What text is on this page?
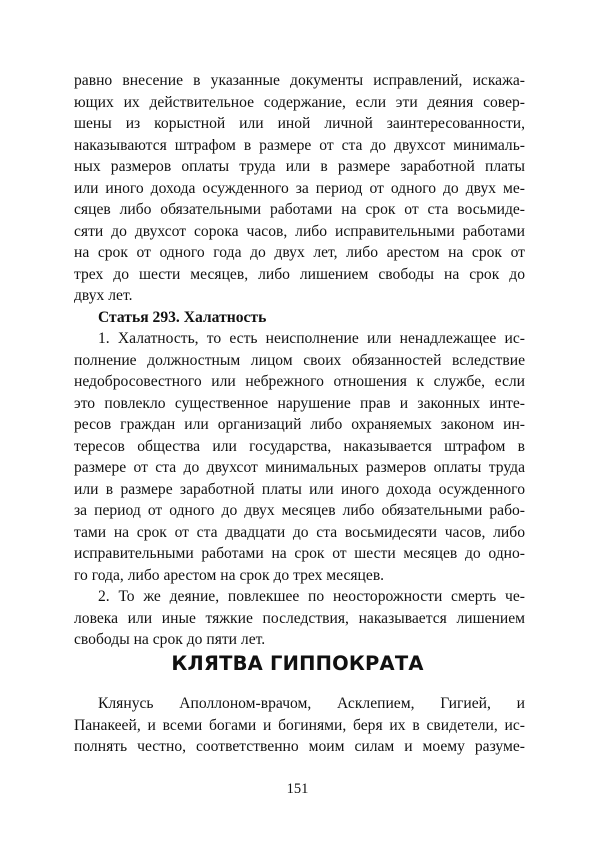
равно внесение в указанные документы исправлений, искажа-
ющих их действительное содержание, если эти деяния совер-
шены из корыстной или иной личной заинтересованности,
наказываются штрафом в размере от ста до двухсот минималь-
ных размеров оплаты труда или в размере заработной платы
или иного дохода осужденного за период от одного до двух ме-
сяцев либо обязательными работами на срок от ста восьмиде-
сяти до двухсот сорока часов, либо исправительными работами
на срок от одного года до двух лет, либо арестом на срок от
трех до шести месяцев, либо лишением свободы на срок до
двух лет.
Статья 293. Халатность
1. Халатность, то есть неисполнение или ненадлежащее ис-
полнение должностным лицом своих обязанностей вследствие
недобросовестного или небрежного отношения к службе, если
это повлекло существенное нарушение прав и законных инте-
ресов граждан или организаций либо охраняемых законом ин-
тересов общества или государства, наказывается штрафом в
размере от ста до двухсот минимальных размеров оплаты труда
или в размере заработной платы или иного дохода осужденного
за период от одного до двух месяцев либо обязательными рабо-
тами на срок от ста двадцати до ста восьмидесяти часов, либо
исправительными работами на срок от шести месяцев до одно-
го года, либо арестом на срок до трех месяцев.
2. То же деяние, повлекшее по неосторожности смерть че-
ловека или иные тяжкие последствия, наказывается лишением
свободы на срок до пяти лет.
КЛЯТВА ГИППОКРАТА
Клянусь Аполлоном-врачом, Асклепием, Гигией, и
Панакеей, и всеми богами и богинями, беря их в свидетели, ис-
полнять честно, соответственно моим силам и моему разуме-
151
